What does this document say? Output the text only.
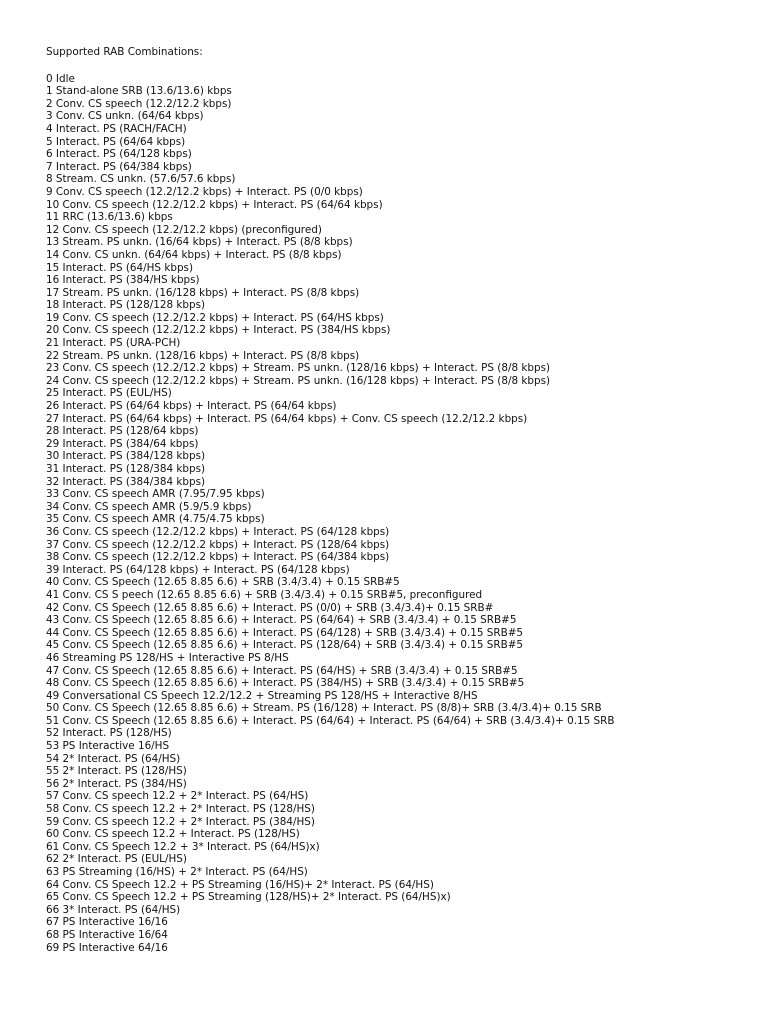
Supported RAB Combinations:
0 Idle
1 Stand-alone SRB (13.6/13.6) kbps
2 Conv. CS speech (12.2/12.2 kbps)
3 Conv. CS unkn. (64/64 kbps)
4 Interact. PS (RACH/FACH)
5 Interact. PS (64/64 kbps)
6 Interact. PS (64/128 kbps)
7 Interact. PS (64/384 kbps)
8 Stream. CS unkn. (57.6/57.6 kbps)
9 Conv. CS speech (12.2/12.2 kbps) + Interact. PS (0/0 kbps)
10 Conv. CS speech (12.2/12.2 kbps) + Interact. PS (64/64 kbps)
11 RRC (13.6/13.6) kbps
12 Conv. CS speech (12.2/12.2 kbps) (preconfigured)
13 Stream. PS unkn. (16/64 kbps) + Interact. PS (8/8 kbps)
14 Conv. CS unkn. (64/64 kbps) + Interact. PS (8/8 kbps)
15 Interact. PS (64/HS kbps)
16 Interact. PS (384/HS kbps)
17 Stream. PS unkn. (16/128 kbps) + Interact. PS (8/8 kbps)
18 Interact. PS (128/128 kbps)
19 Conv. CS speech (12.2/12.2 kbps) + Interact. PS (64/HS kbps)
20 Conv. CS speech (12.2/12.2 kbps) + Interact. PS (384/HS kbps)
21 Interact. PS (URA-PCH)
22 Stream. PS unkn. (128/16 kbps) + Interact. PS (8/8 kbps)
23 Conv. CS speech (12.2/12.2 kbps) + Stream. PS unkn. (128/16 kbps) + Interact. PS (8/8 kbps)
24 Conv. CS speech (12.2/12.2 kbps) + Stream. PS unkn. (16/128 kbps) + Interact. PS (8/8 kbps)
25 Interact. PS (EUL/HS)
26 Interact. PS (64/64 kbps) + Interact. PS (64/64 kbps)
27 Interact. PS (64/64 kbps) + Interact. PS (64/64 kbps) + Conv. CS speech (12.2/12.2 kbps)
28 Interact. PS (128/64 kbps)
29 Interact. PS (384/64 kbps)
30 Interact. PS (384/128 kbps)
31 Interact. PS (128/384 kbps)
32 Interact. PS (384/384 kbps)
33 Conv. CS speech AMR (7.95/7.95 kbps)
34 Conv. CS speech AMR (5.9/5.9 kbps)
35 Conv. CS speech AMR (4.75/4.75 kbps)
36 Conv. CS speech (12.2/12.2 kbps) + Interact. PS (64/128 kbps)
37 Conv. CS speech (12.2/12.2 kbps) + Interact. PS (128/64 kbps)
38 Conv. CS speech (12.2/12.2 kbps) + Interact. PS (64/384 kbps)
39 Interact. PS (64/128 kbps) + Interact. PS (64/128 kbps)
40 Conv. CS Speech (12.65 8.85 6.6) + SRB (3.4/3.4) + 0.15 SRB#5
41 Conv. CS S peech (12.65 8.85 6.6) + SRB (3.4/3.4) + 0.15 SRB#5, preconfigured
42 Conv. CS Speech (12.65 8.85 6.6) + Interact. PS (0/0) + SRB (3.4/3.4)+ 0.15 SRB#
43 Conv. CS Speech (12.65 8.85 6.6) + Interact. PS (64/64) + SRB (3.4/3.4) + 0.15 SRB#5
44 Conv. CS Speech (12.65 8.85 6.6) + Interact. PS (64/128) + SRB (3.4/3.4) + 0.15 SRB#5
45 Conv. CS Speech (12.65 8.85 6.6) + Interact. PS (128/64) + SRB (3.4/3.4) + 0.15 SRB#5
46 Streaming PS 128/HS + Interactive PS 8/HS
47 Conv. CS Speech (12.65 8.85 6.6) + Interact. PS (64/HS) + SRB (3.4/3.4) + 0.15 SRB#5
48 Conv. CS Speech (12.65 8.85 6.6) + Interact. PS (384/HS) + SRB (3.4/3.4) + 0.15 SRB#5
49 Conversational CS Speech 12.2/12.2 + Streaming PS 128/HS + Interactive 8/HS
50 Conv. CS Speech (12.65 8.85 6.6) + Stream. PS (16/128) + Interact. PS (8/8)+ SRB (3.4/3.4)+ 0.15 SRB
51 Conv. CS Speech (12.65 8.85 6.6) + Interact. PS (64/64) + Interact. PS (64/64) + SRB (3.4/3.4)+ 0.15 SRB
52 Interact. PS (128/HS)
53 PS Interactive 16/HS
54 2* Interact. PS (64/HS)
55 2* Interact. PS (128/HS)
56 2* Interact. PS (384/HS)
57 Conv. CS speech 12.2 + 2* Interact. PS (64/HS)
58 Conv. CS speech 12.2 + 2* Interact. PS (128/HS)
59 Conv. CS speech 12.2 + 2* Interact. PS (384/HS)
60 Conv. CS speech 12.2 + Interact. PS (128/HS)
61 Conv. CS Speech 12.2 + 3* Interact. PS (64/HS)x)
62 2* Interact. PS (EUL/HS)
63 PS Streaming (16/HS) + 2* Interact. PS (64/HS)
64 Conv. CS Speech 12.2 + PS Streaming (16/HS)+ 2* Interact. PS (64/HS)
65 Conv. CS Speech 12.2 + PS Streaming (128/HS)+ 2* Interact. PS (64/HS)x)
66 3* Interact. PS (64/HS)
67 PS Interactive 16/16
68 PS Interactive 16/64
69 PS Interactive 64/16
